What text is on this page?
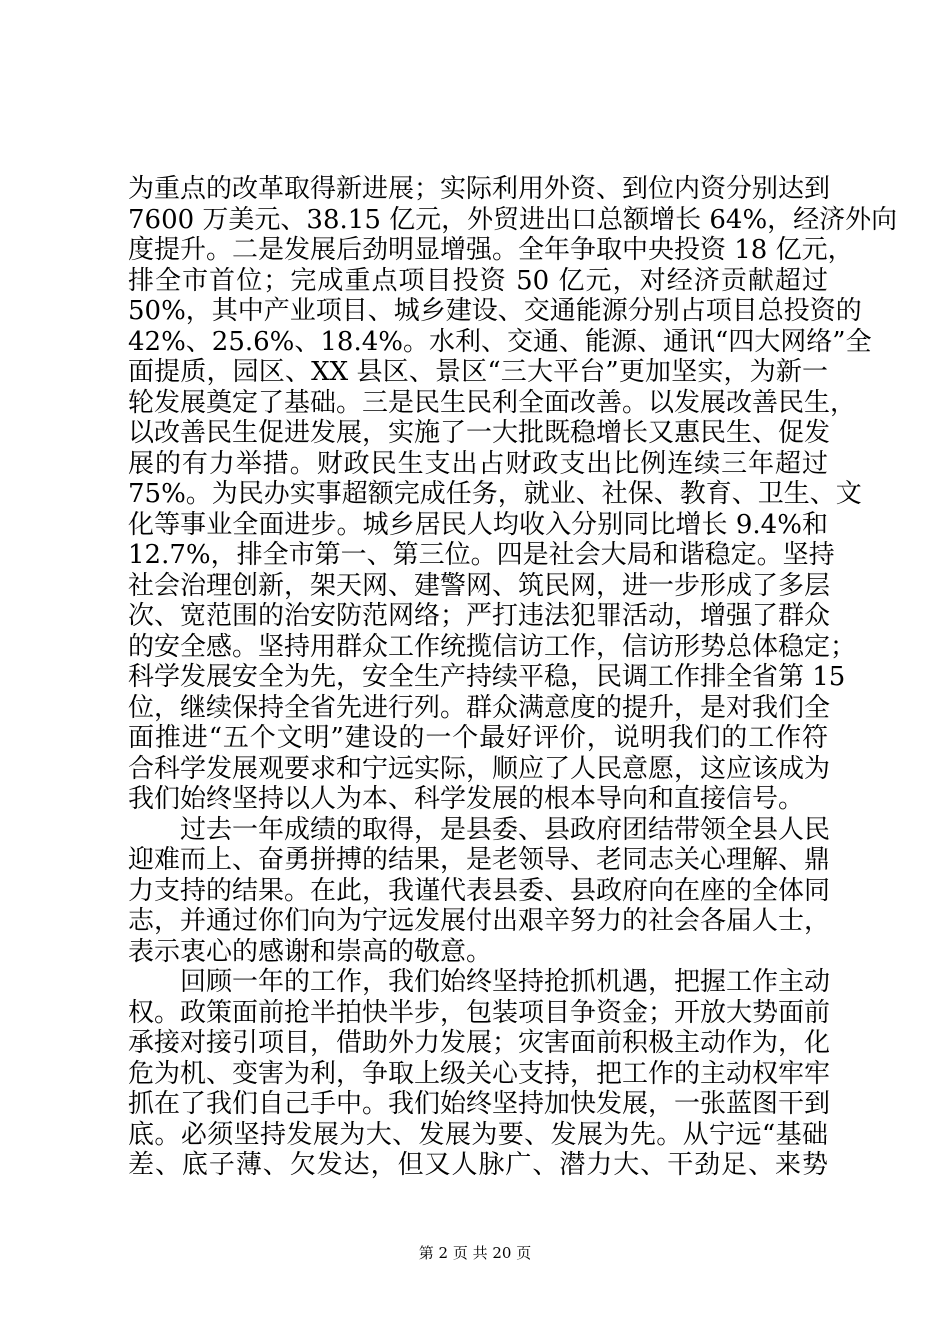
为重点的改革取得新进展；实际利用外资、到位内资分别达到
7600 万美元、38.15 亿元，外贸进出口总额增长 64%，经济外向
度提升。二是发展后劲明显增强。全年争取中央投资 18 亿元，
排全市首位；完成重点项目投资 50 亿元，对经济贡献超过
50%，其中产业项目、城乡建设、交通能源分别占项目总投资的
42%、25.6%、18.4%。水利、交通、能源、通讯“四大网络”全
面提质，园区、XX 县区、景区“三大平台”更加坚实，为新一
轮发展奠定了基础。三是民生民利全面改善。以发展改善民生，
以改善民生促进发展，实施了一大批既稳增长又惠民生、促发
展的有力举措。财政民生支出占财政支出比例连续三年超过
75%。为民办实事超额完成任务，就业、社保、教育、卫生、文
化等事业全面进步。城乡居民人均收入分别同比增长 9.4%和
12.7%，排全市第一、第三位。四是社会大局和谐稳定。坚持
社会治理创新，架天网、建警网、筑民网，进一步形成了多层
次、宽范围的治安防范网络；严打违法犯罪活动，增强了群众
的安全感。坚持用群众工作统揽信访工作，信访形势总体稳定；
科学发展安全为先，安全生产持续平稳，民调工作排全省第 15
位，继续保持全省先进行列。群众满意度的提升，是对我们全
面推进“五个文明”建设的一个最好评价，说明我们的工作符
合科学发展观要求和宁远实际，顺应了人民意愿，这应该成为
我们始终坚持以人为本、科学发展的根本导向和直接信号。
　　过去一年成绩的取得，是县委、县政府团结带领全县人民
迎难而上、奋勇拼搏的结果，是老领导、老同志关心理解、鼎
力支持的结果。在此，我谨代表县委、县政府向在座的全体同
志，并通过你们向为宁远发展付出艰辛努力的社会各届人士，
表示衷心的感谢和崇高的敬意。
　　回顾一年的工作，我们始终坚持抢抓机遇，把握工作主动
权。政策面前抢半拍快半步，包装项目争资金；开放大势面前
承接对接引项目，借助外力发展；灾害面前积极主动作为，化
危为机、变害为利，争取上级关心支持，把工作的主动权牢牢
抓在了我们自己手中。我们始终坚持加快发展，一张蓝图干到
底。必须坚持发展为大、发展为要、发展为先。从宁远“基础
差、底子薄、欠发达，但又人脉广、潜力大、干劲足、来势
第 2 页 共 20 页
